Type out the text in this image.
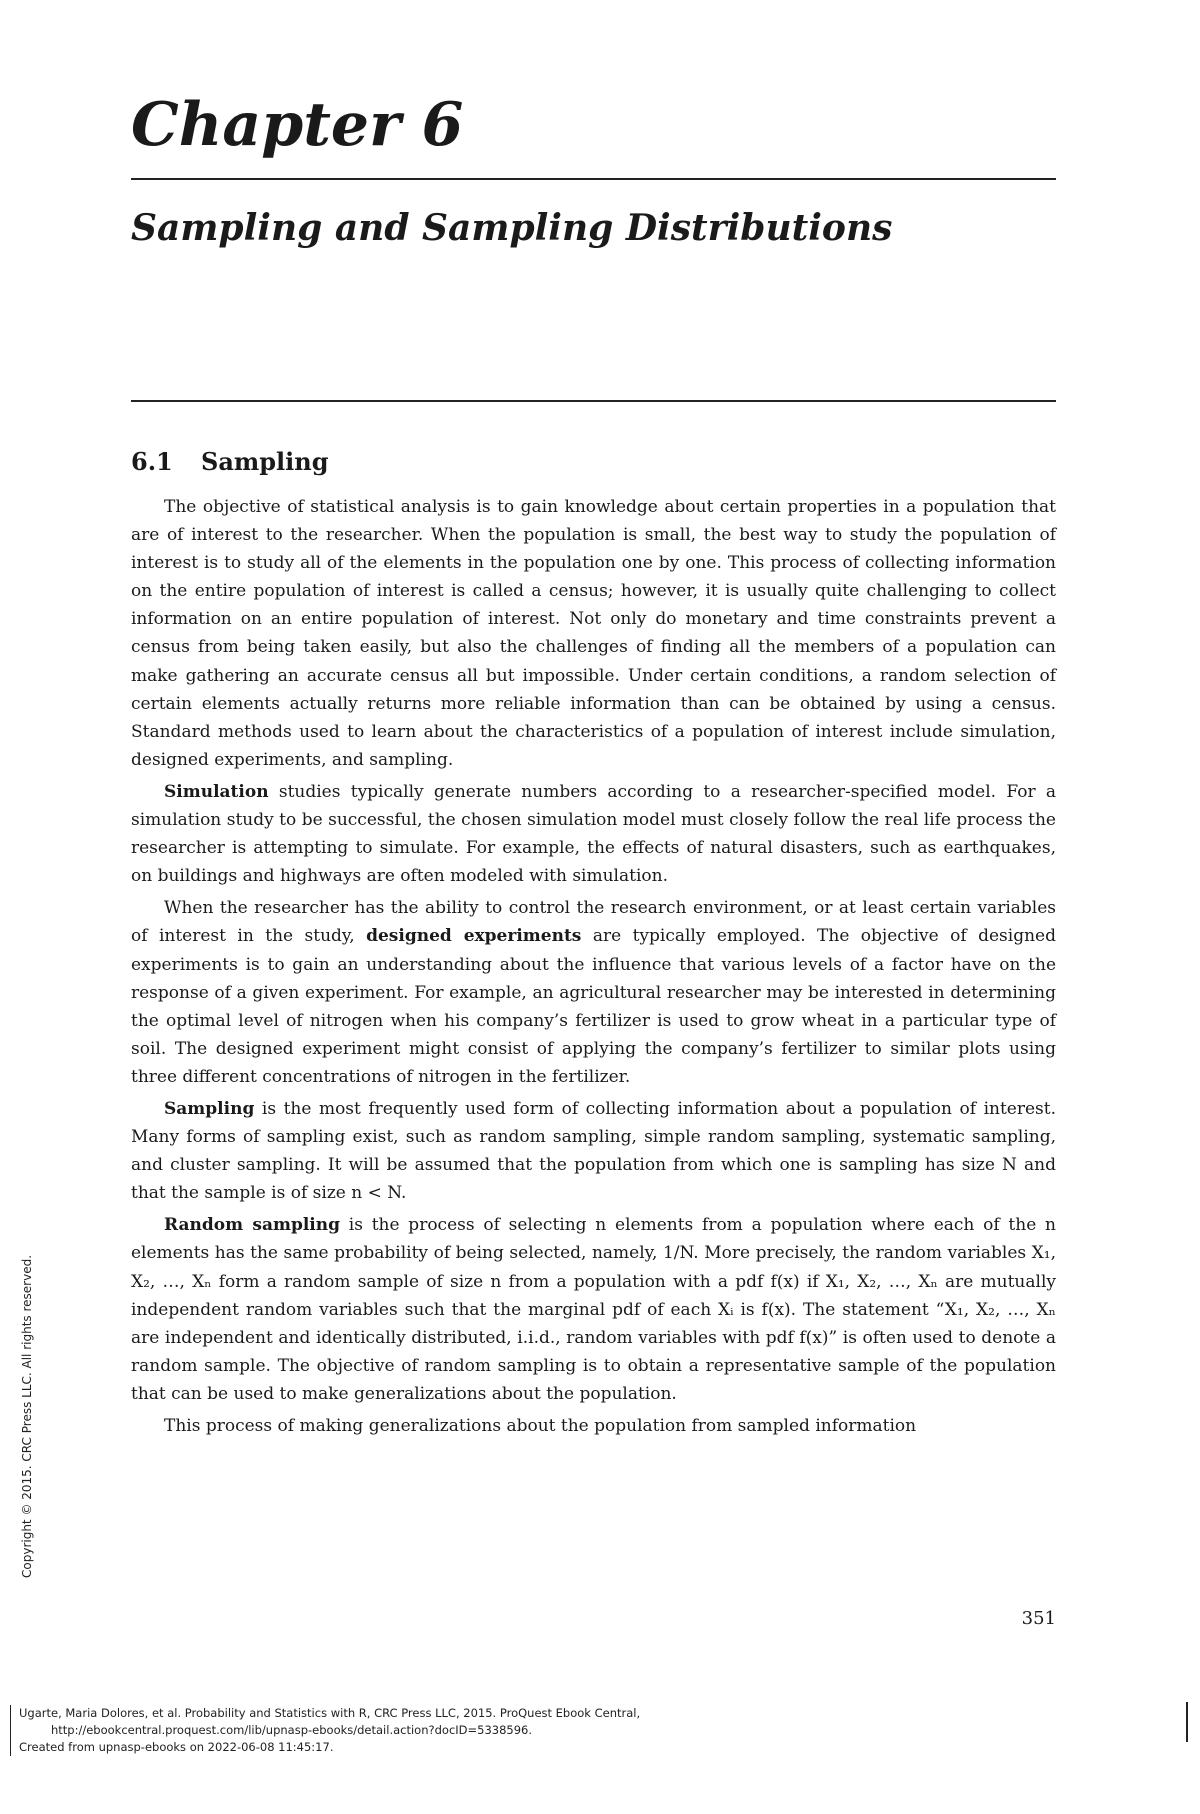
Chapter 6
Sampling and Sampling Distributions
6.1 Sampling

The objective of statistical analysis is to gain knowledge about certain properties in a population that are of interest to the researcher. When the population is small, the best way to study the population of interest is to study all of the elements in the population one by one. This process of collecting information on the entire population of interest is called a census; however, it is usually quite challenging to collect information on an entire population of interest. Not only do monetary and time constraints prevent a census from being taken easily, but also the challenges of finding all the members of a population can make gathering an accurate census all but impossible. Under certain conditions, a random selection of certain elements actually returns more reliable information than can be obtained by using a census. Standard methods used to learn about the characteristics of a population of interest include simulation, designed experiments, and sampling.

Simulation studies typically generate numbers according to a researcher-specified model. For a simulation study to be successful, the chosen simulation model must closely follow the real life process the researcher is attempting to simulate. For example, the effects of natural disasters, such as earthquakes, on buildings and highways are often modeled with simulation.

When the researcher has the ability to control the research environment, or at least certain variables of interest in the study, designed experiments are typically employed. The objective of designed experiments is to gain an understanding about the influence that various levels of a factor have on the response of a given experiment. For example, an agricultural researcher may be interested in determining the optimal level of nitrogen when his company’s fertilizer is used to grow wheat in a particular type of soil. The designed experiment might consist of applying the company’s fertilizer to similar plots using three different concentrations of nitrogen in the fertilizer.

Sampling is the most frequently used form of collecting information about a population of interest. Many forms of sampling exist, such as random sampling, simple random sampling, systematic sampling, and cluster sampling. It will be assumed that the population from which one is sampling has size N and that the sample is of size n < N.

Random sampling is the process of selecting n elements from a population where each of the n elements has the same probability of being selected, namely, 1/N. More precisely, the random variables X₁, X₂, …, Xₙ form a random sample of size n from a population with a pdf f(x) if X₁, X₂, …, Xₙ are mutually independent random variables such that the marginal pdf of each Xᵢ is f(x). The statement “X₁, X₂, …, Xₙ are independent and identically distributed, i.i.d., random variables with pdf f(x)” is often used to denote a random sample. The objective of random sampling is to obtain a representative sample of the population that can be used to make generalizations about the population.

This process of making generalizations about the population from sampled information

Copyright © 2015. CRC Press LLC. All rights reserved.
351
Ugarte, Maria Dolores, et al. Probability and Statistics with R, CRC Press LLC, 2015. ProQuest Ebook Central,
http://ebookcentral.proquest.com/lib/upnasp-ebooks/detail.action?docID=5338596.
Created from upnasp-ebooks on 2022-06-08 11:45:17.
